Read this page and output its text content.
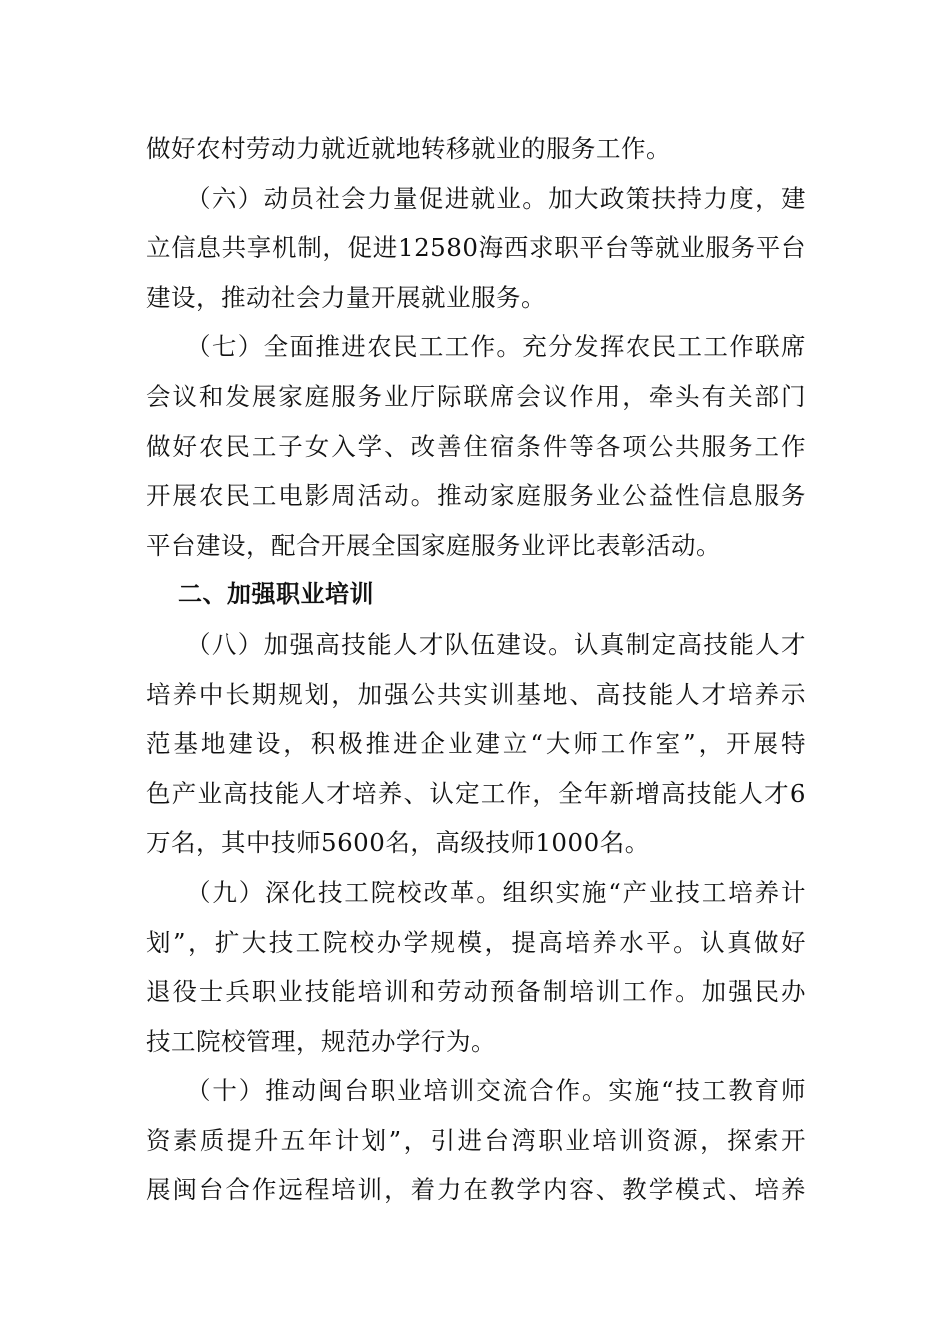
做好农村劳动力就近就地转移就业的服务工作。
（六）动员社会力量促进就业。加大政策扶持力度，建
立信息共享机制，促进12580海西求职平台等就业服务平台
建设，推动社会力量开展就业服务。
（七）全面推进农民工工作。充分发挥农民工工作联席
会议和发展家庭服务业厅际联席会议作用，牵头有关部门
做好农民工子女入学、改善住宿条件等各项公共服务工作
开展农民工电影周活动。推动家庭服务业公益性信息服务
平台建设，配合开展全国家庭服务业评比表彰活动。
二、加强职业培训
（八）加强高技能人才队伍建设。认真制定高技能人才
培养中长期规划，加强公共实训基地、高技能人才培养示
范基地建设，积极推进企业建立“大师工作室”，开展特
色产业高技能人才培养、认定工作，全年新增高技能人才6
万名，其中技师5600名，高级技师1000名。
（九）深化技工院校改革。组织实施“产业技工培养计
划”，扩大技工院校办学规模，提高培养水平。认真做好
退役士兵职业技能培训和劳动预备制培训工作。加强民办
技工院校管理，规范办学行为。
（十）推动闽台职业培训交流合作。实施“技工教育师
资素质提升五年计划”，引进台湾职业培训资源，探索开
展闽台合作远程培训，着力在教学内容、教学模式、培养
